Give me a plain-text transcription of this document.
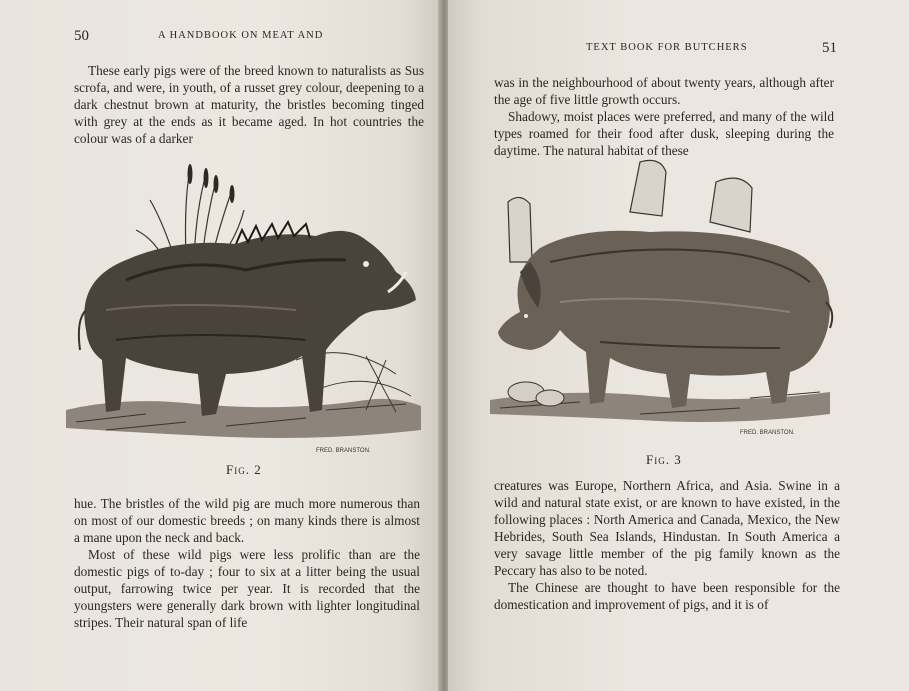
50	A HANDBOOK ON MEAT AND

These early pigs were of the breed known to naturalists as Sus scrofa, and were, in youth, of a russet grey colour, deepening to a dark chestnut brown at maturity, the bristles becoming tinged with grey at the ends as it became aged. In hot countries the colour was of a darker

FRED. BRANSTON.
Fig. 2

hue. The bristles of the wild pig are much more numerous than on most of our domestic breeds ; on many kinds there is almost a mane upon the neck and back.

Most of these wild pigs were less prolific than are the domestic pigs of to-day ; four to six at a litter being the usual output, farrowing twice per year. It is recorded that the youngsters were generally dark brown with lighter longitudinal stripes. Their natural span of life

TEXT BOOK FOR BUTCHERS	51

was in the neighbourhood of about twenty years, although after the age of five little growth occurs.

Shadowy, moist places were preferred, and many of the wild types roamed for their food after dusk, sleeping during the daytime. The natural habitat of these

FRED. BRANSTON.
Fig. 3

creatures was Europe, Northern Africa, and Asia. Swine in a wild and natural state exist, or are known to have existed, in the following places : North America and Canada, Mexico, the New Hebrides, South Sea Islands, Hindustan. In South America a very savage little member of the pig family known as the Peccary has also to be noted.

The Chinese are thought to have been responsible for the domestication and improvement of pigs, and it is of
